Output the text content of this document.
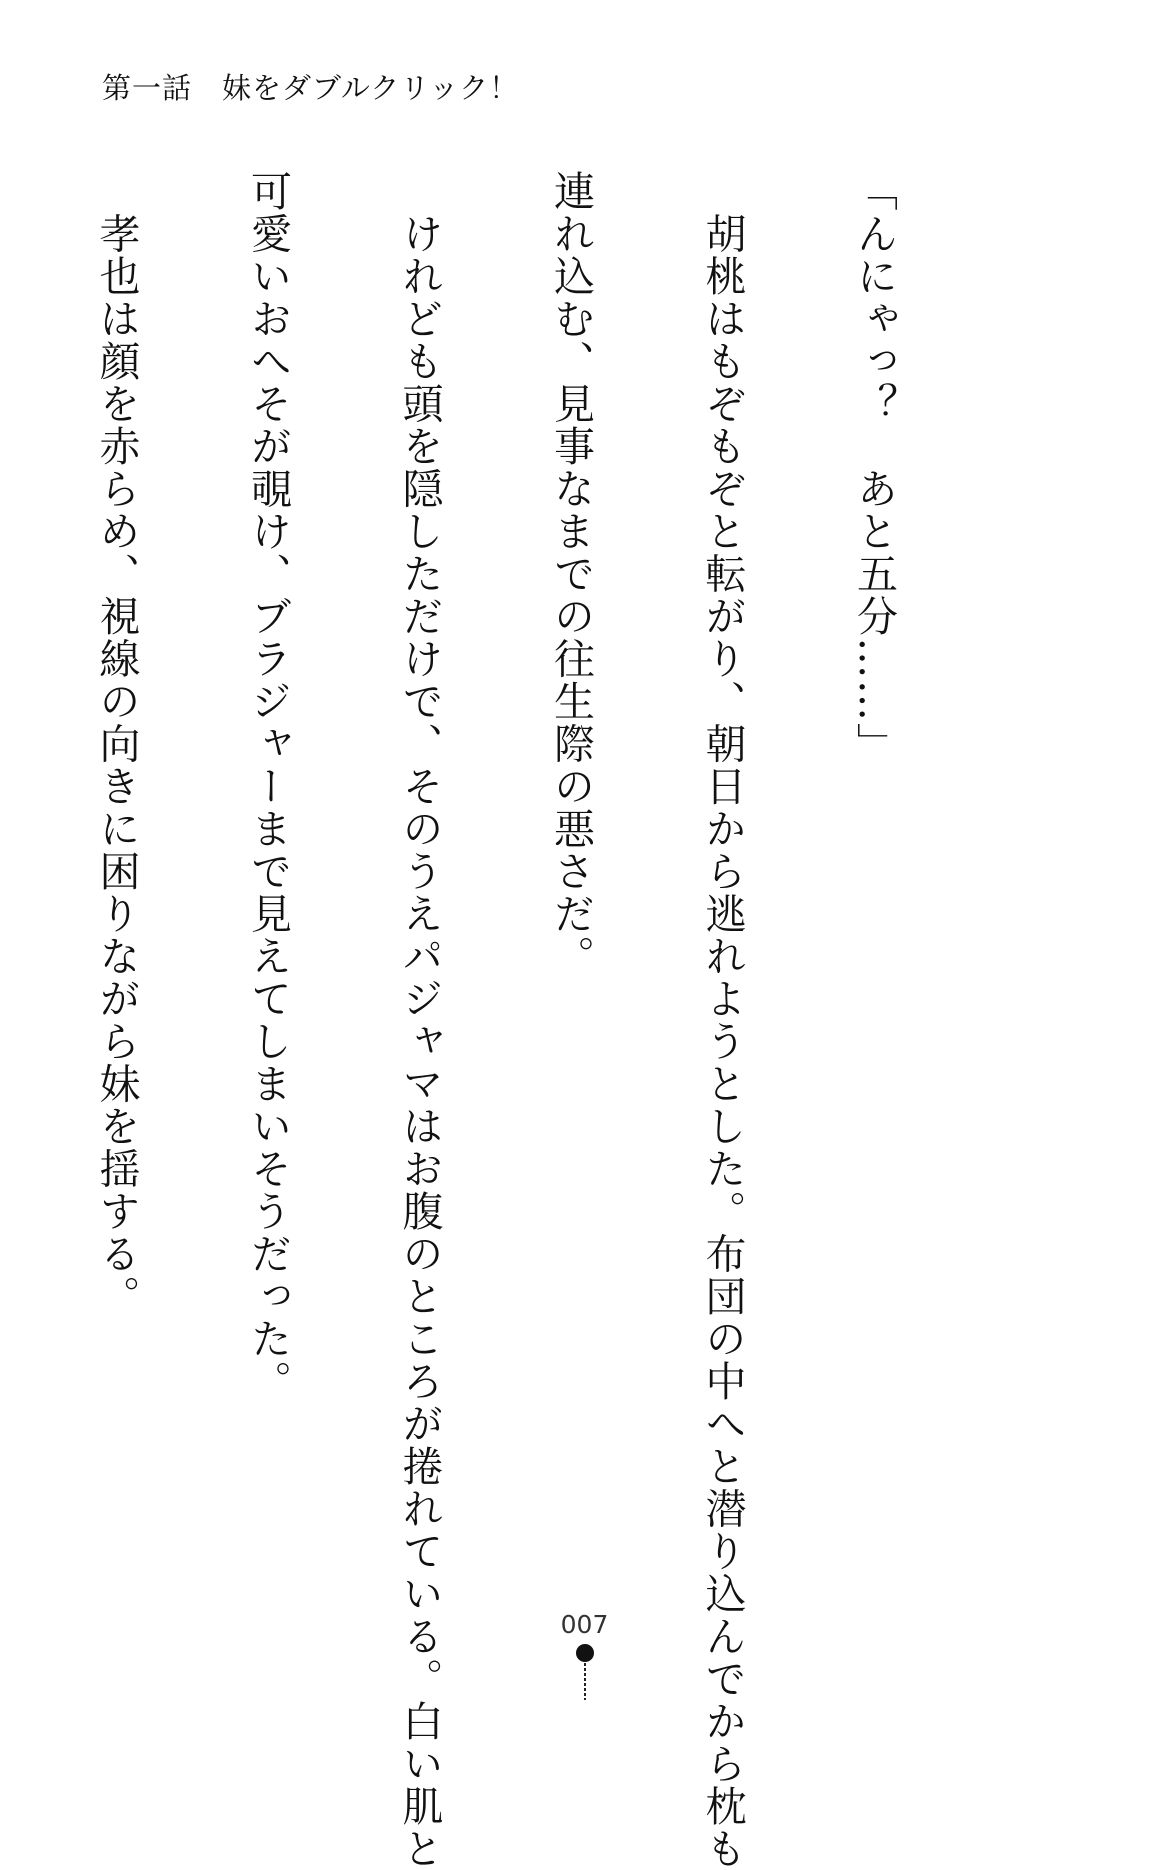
第一話　妹をダブルクリック！

「んにゃっ？　あと五分……」

　胡桃はもぞもぞと転がり、朝日から逃れようとした。布団の中へと潜り込んでから枕も

連れ込む、見事なまでの往生際の悪さだ。

　けれども頭を隠しただけで、そのうえパジャマはお腹のところが捲れている。白い肌と

可愛いおへそが覗け、ブラジャーまで見えてしまいそうだった。

　孝也は顔を赤らめ、視線の向きに困りながら妹を揺する。

007
